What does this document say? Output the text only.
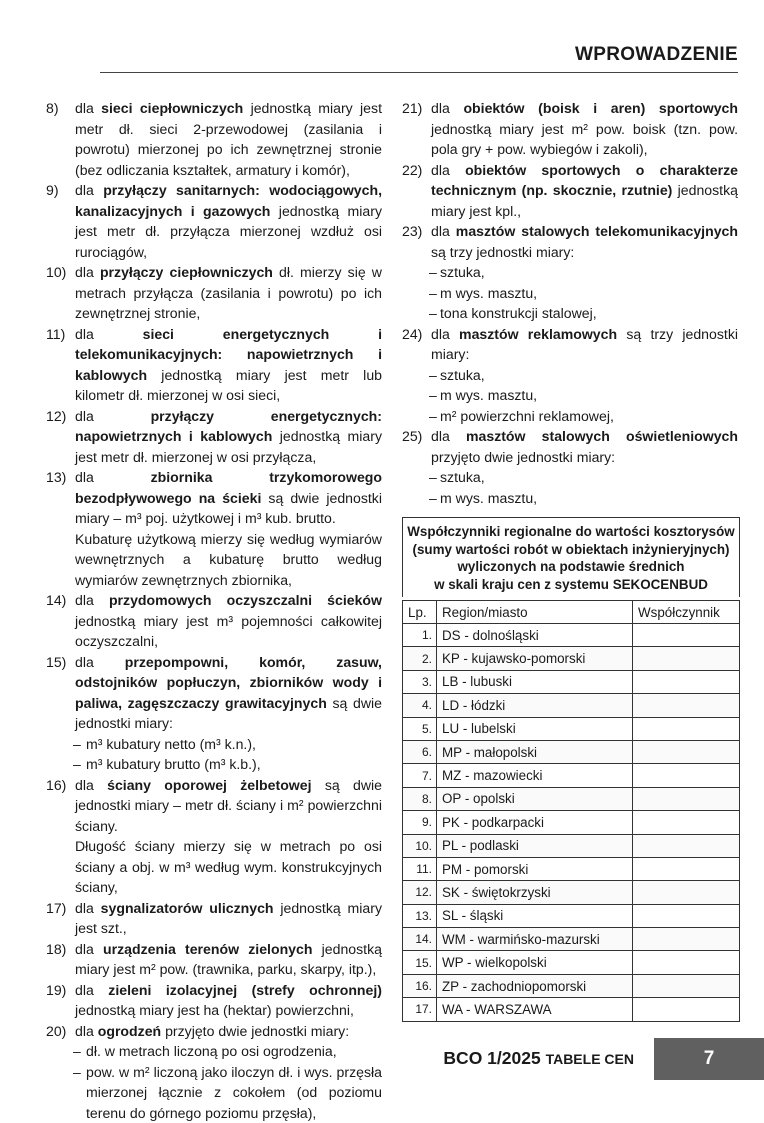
WPROWADZENIE
8) dla sieci ciepłowniczych jednostką miary jest metr dł. sieci 2-przewodowej (zasilania i powrotu) mierzonej po ich zewnętrznej stronie (bez odliczania kształtek, armatury i komór),
9) dla przyłączy sanitarnych: wodociągowych, kanalizacyjnych i gazowych jednostką miary jest metr dł. przyłącza mierzonej wzdłuż osi rurociągów,
10) dla przyłączy ciepłowniczych dł. mierzy się w metrach przyłącza (zasilania i powrotu) po ich zewnętrznej stronie,
11) dla sieci energetycznych i telekomunikacyjnych: napowietrznych i kablowych jednostką miary jest metr lub kilometr dł. mierzonej w osi sieci,
12) dla przyłączy energetycznych: napowietrznych i kablowych jednostką miary jest metr dł. mierzonej w osi przyłącza,
13) dla zbiornika trzykomorowego bezodpływowego na ścieki są dwie jednostki miary – m³ poj. użytkowej i m³ kub. brutto.
Kubaturę użytkową mierzy się według wymiarów wewnętrznych a kubaturę brutto według wymiarów zewnętrznych zbiornika,
14) dla przydomowych oczyszczalni ścieków jednostką miary jest m³ pojemności całkowitej oczyszczalni,
15) dla przepompowni, komór, zasuw, odstojników popłuczyn, zbiorników wody i paliwa, zagęszczaczy grawitacyjnych są dwie jednostki miary:
– m³ kubatury netto (m³ k.n.),
– m³ kubatury brutto (m³ k.b.),
16) dla ściany oporowej żelbetowej są dwie jednostki miary – metr dł. ściany i m² powierzchni ściany.
Długość ściany mierzy się w metrach po osi ściany a obj. w m³ według wym. konstrukcyjnych ściany,
17) dla sygnalizatorów ulicznych jednostką miary jest szt.,
18) dla urządzenia terenów zielonych jednostką miary jest m² pow. (trawnika, parku, skarpy, itp.),
19) dla zieleni izolacyjnej (strefy ochronnej) jednostką miary jest ha (hektar) powierzchni,
20) dla ogrodzeń przyjęto dwie jednostki miary:
– dł. w metrach liczoną po osi ogrodzenia,
– pow. w m² liczoną jako iloczyn dł. i wys. przęsła mierzonej łącznie z cokołem (od poziomu terenu do górnego poziomu przęsła),
21) dla obiektów (boisk i aren) sportowych jednostką miary jest m² pow. boisk (tzn. pow. pola gry + pow. wybiegów i zakoli),
22) dla obiektów sportowych o charakterze technicznym (np. skocznie, rzutnie) jednostką miary jest kpl.,
23) dla masztów stalowych telekomunikacyjnych są trzy jednostki miary:
– sztuka,
– m wys. masztu,
– tona konstrukcji stalowej,
24) dla masztów reklamowych są trzy jednostki miary:
– sztuka,
– m wys. masztu,
– m² powierzchni reklamowej,
25) dla masztów stalowych oświetleniowych przyjęto dwie jednostki miary:
– sztuka,
– m wys. masztu,
Współczynniki regionalne do wartości kosztorysów
(sumy wartości robót w obiektach inżynieryjnych)
wyliczonych na podstawie średnich
w skali kraju cen z systemu SEKOCENBUD
Lp.	Region/miasto	Współczynnik
1.	DS - dolnośląski	
2.	KP - kujawsko-pomorski	
3.	LB - lubuski	
4.	LD - łódzki	
5.	LU - lubelski	
6.	MP - małopolski	
7.	MZ - mazowiecki	
8.	OP - opolski	
9.	PK - podkarpacki	
10.	PL - podlaski	
11.	PM - pomorski	
12.	SK - świętokrzyski	
13.	SL - śląski	
14.	WM - warmińsko-mazurski	
15.	WP - wielkopolski	
16.	ZP - zachodniopomorski	
17.	WA - WARSZAWA	
BCO 1/2025 TABELE CEN	7
